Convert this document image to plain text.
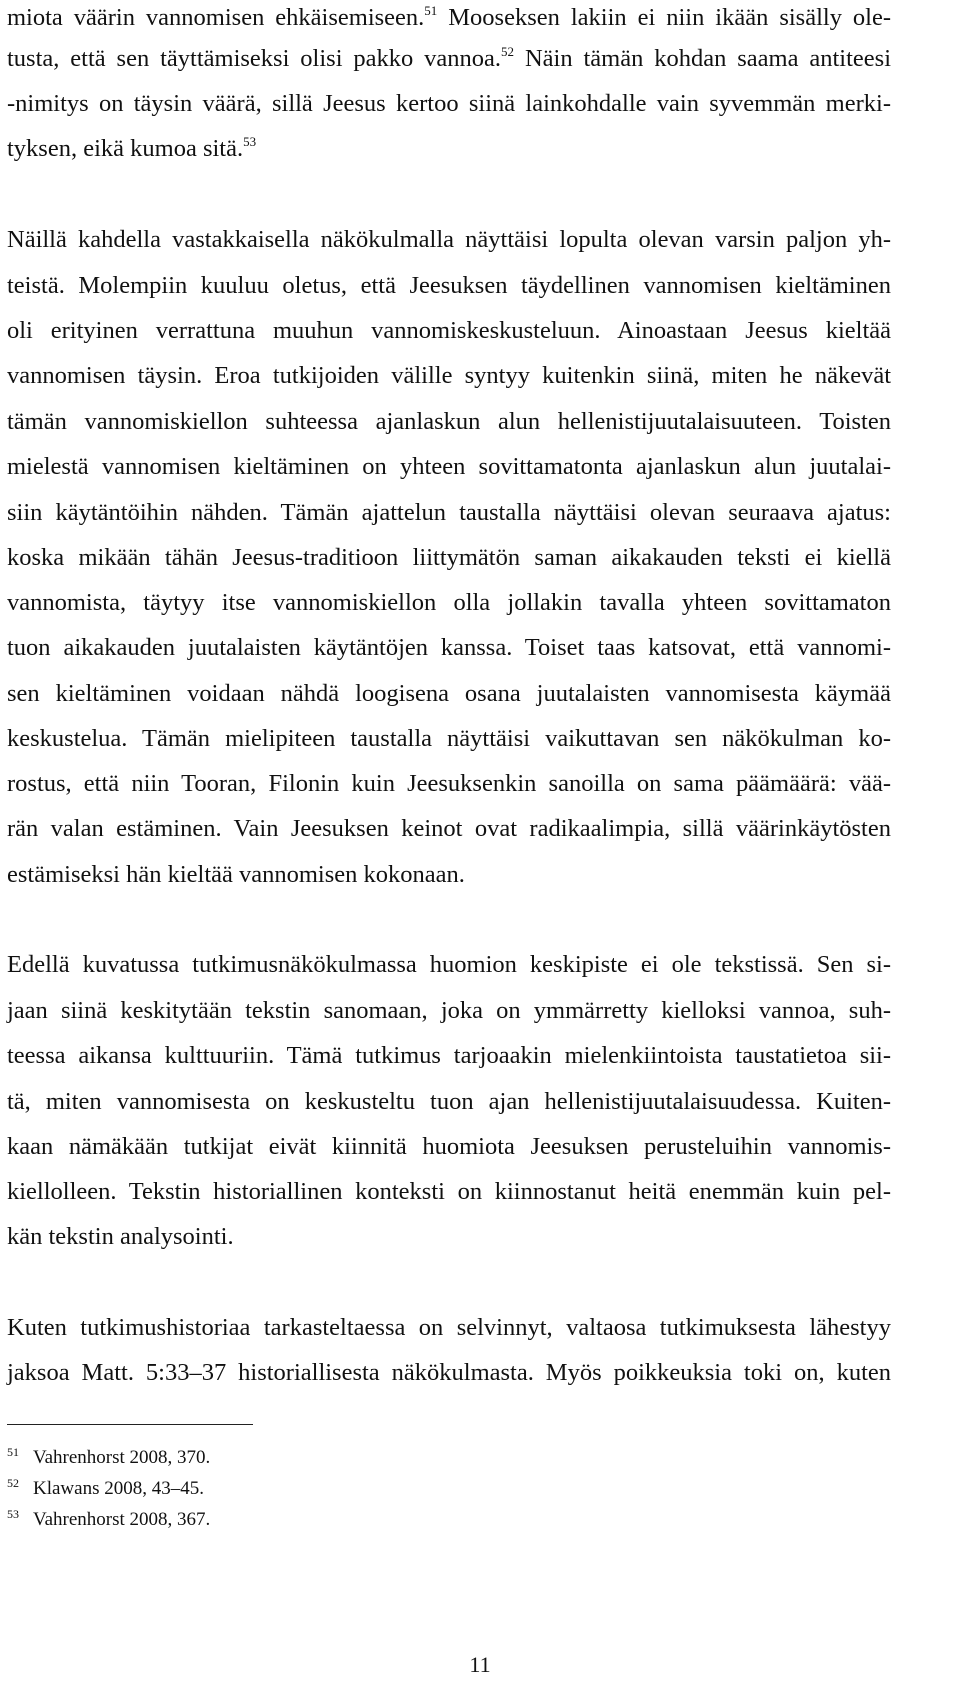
miota väärin vannomisen ehkäisemiseen.$^{51}$ Mooseksen lakiin ei niin ikään sisälly ole-
tusta, että sen täyttämiseksi olisi pakko vannoa.$^{52}$ Näin tämän kohdan saama antiteesi
-nimitys on täysin väärä, sillä Jeesus kertoo siinä lainkohdalle vain syvemmän merki-
tyksen, eikä kumoa sitä.$^{53}$
Näillä kahdella vastakkaisella näkökulmalla näyttäisi lopulta olevan varsin paljon yh-
teistä. Molempiin kuuluu oletus, että Jeesuksen täydellinen vannomisen kieltäminen
oli erityinen verrattuna muuhun vannomiskeskusteluun. Ainoastaan Jeesus kieltää
vannomisen täysin. Eroa tutkijoiden välille syntyy kuitenkin siinä, miten he näkevät
tämän vannomiskiellon suhteessa ajanlaskun alun hellenistijuutalaisuuteen. Toisten
mielestä vannomisen kieltäminen on yhteen sovittamatonta ajanlaskun alun juutalai-
siin käytäntöihin nähden. Tämän ajattelun taustalla näyttäisi olevan seuraava ajatus:
koska mikään tähän Jeesus-traditioon liittymätön saman aikakauden teksti ei kiellä
vannomista, täytyy itse vannomiskiellon olla jollakin tavalla yhteen sovittamaton
tuon aikakauden juutalaisten käytäntöjen kanssa. Toiset taas katsovat, että vannomi-
sen kieltäminen voidaan nähdä loogisena osana juutalaisten vannomisesta käymää
keskustelua. Tämän mielipiteen taustalla näyttäisi vaikuttavan sen näkökulman ko-
rostus, että niin Tooran, Filonin kuin Jeesuksenkin sanoilla on sama päämäärä: vää-
rän valan estäminen. Vain Jeesuksen keinot ovat radikaalimpia, sillä väärinkäytösten
estämiseksi hän kieltää vannomisen kokonaan.
Edellä kuvatussa tutkimusnäkökulmassa huomion keskipiste ei ole tekstissä. Sen si-
jaan siinä keskitytään tekstin sanomaan, joka on ymmärretty kielloksi vannoa, suh-
teessa aikansa kulttuuriin. Tämä tutkimus tarjoaakin mielenkiintoista taustatietoa sii-
tä, miten vannomisesta on keskusteltu tuon ajan hellenistijuutalaisuudessa. Kuiten-
kaan nämäkään tutkijat eivät kiinnitä huomiota Jeesuksen perusteluihin vannomis-
kiellolleen. Tekstin historiallinen konteksti on kiinnostanut heitä enemmän kuin pel-
kän tekstin analysointi.
Kuten tutkimushistoriaa tarkasteltaessa on selvinnyt, valtaosa tutkimuksesta lähestyy
jaksoa Matt. 5:33–37 historiallisesta näkökulmasta. Myös poikkeuksia toki on, kuten
51 Vahrenhorst 2008, 370.
52 Klawans 2008, 43–45.
53 Vahrenhorst 2008, 367.
11
